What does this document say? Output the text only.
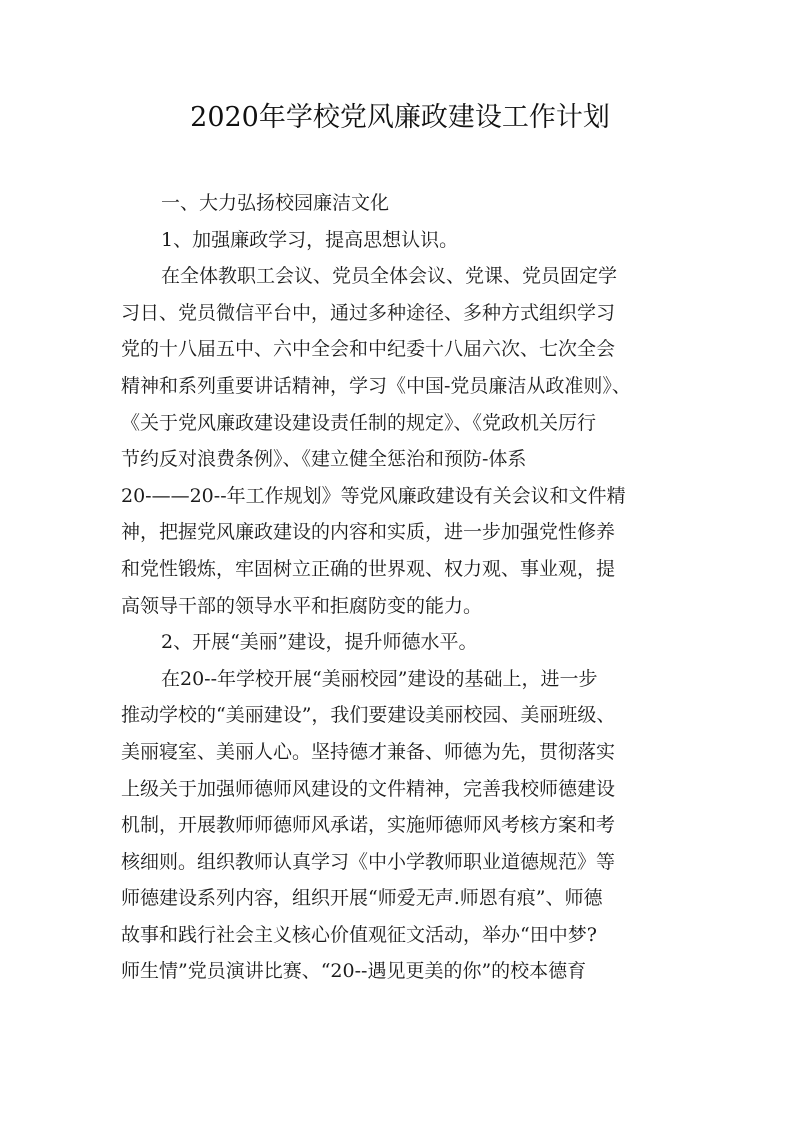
2020年学校党风廉政建设工作计划
一、大力弘扬校园廉洁文化
1、加强廉政学习，提高思想认识。
在全体教职工会议、党员全体会议、党课、党员固定学
习日、党员微信平台中，通过多种途径、多种方式组织学习
党的十八届五中、六中全会和中纪委十八届六次、七次全会
精神和系列重要讲话精神，学习《中国-党员廉洁从政准则》、
《关于党风廉政建设建设责任制的规定》、《党政机关厉行
节约反对浪费条例》、《建立健全惩治和预防-体系
20-——20--年工作规划》等党风廉政建设有关会议和文件精
神，把握党风廉政建设的内容和实质，进一步加强党性修养
和党性锻炼，牢固树立正确的世界观、权力观、事业观，提
高领导干部的领导水平和拒腐防变的能力。
2、开展“美丽”建设，提升师德水平。
在20--年学校开展“美丽校园”建设的基础上，进一步
推动学校的“美丽建设”，我们要建设美丽校园、美丽班级、
美丽寝室、美丽人心。坚持德才兼备、师德为先，贯彻落实
上级关于加强师德师风建设的文件精神，完善我校师德建设
机制，开展教师师德师风承诺，实施师德师风考核方案和考
核细则。组织教师认真学习《中小学教师职业道德规范》等
师德建设系列内容，组织开展“师爱无声.师恩有痕”、师德
故事和践行社会主义核心价值观征文活动，举办“田中梦?
师生情”党员演讲比赛、“20--遇见更美的你”的校本德育
